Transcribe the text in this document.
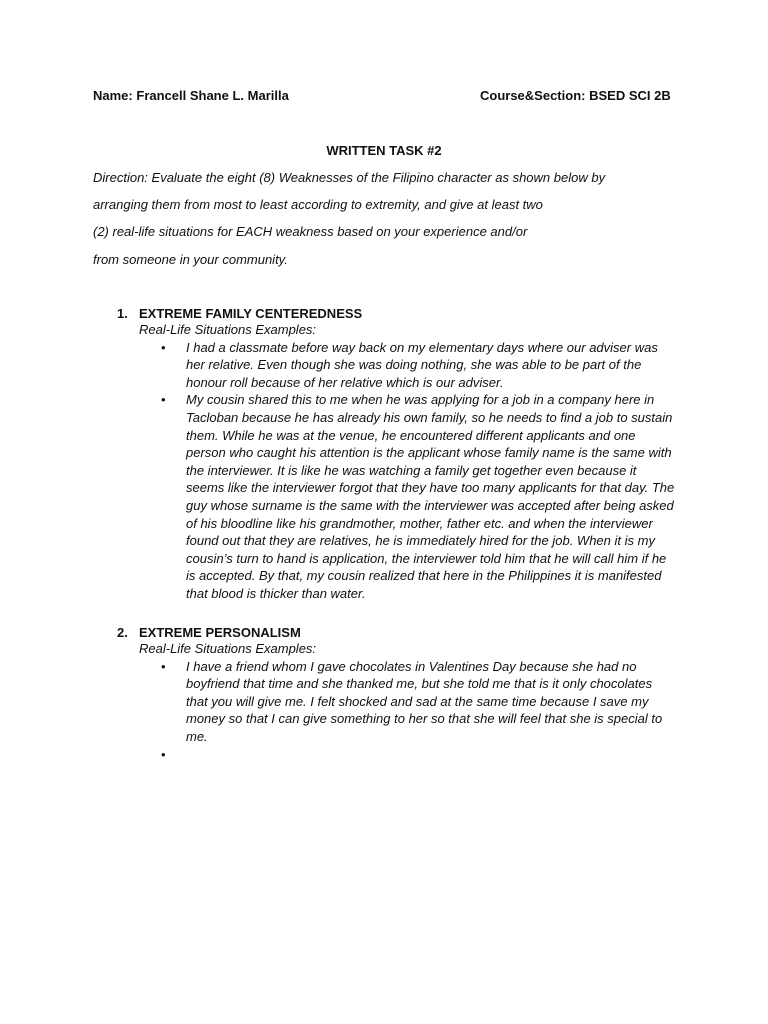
Name: Francell Shane L. Marilla	Course&Section: BSED SCI 2B
WRITTEN TASK #2
Direction: Evaluate the eight (8) Weaknesses of the Filipino character as shown below by
arranging them from most to least according to extremity, and give at least two
(2) real-life situations for EACH weakness based on your experience and/or
from someone in your community.
1. EXTREME FAMILY CENTEREDNESS
Real-Life Situations Examples:
• I had a classmate before way back on my elementary days where our adviser was her relative. Even though she was doing nothing, she was able to be part of the honour roll because of her relative which is our adviser.
• My cousin shared this to me when he was applying for a job in a company here in Tacloban because he has already his own family, so he needs to find a job to sustain them. While he was at the venue, he encountered different applicants and one person who caught his attention is the applicant whose family name is the same with the interviewer. It is like he was watching a family get together even because it seems like the interviewer forgot that they have too many applicants for that day. The guy whose surname is the same with the interviewer was accepted after being asked of his bloodline like his grandmother, mother, father etc. and when the interviewer found out that they are relatives, he is immediately hired for the job. When it is my cousin’s turn to hand is application, the interviewer told him that he will call him if he is accepted. By that, my cousin realized that here in the Philippines it is manifested that blood is thicker than water.
2. EXTREME PERSONALISM
Real-Life Situations Examples:
• I have a friend whom I gave chocolates in Valentines Day because she had no boyfriend that time and she thanked me, but she told me that is it only chocolates that you will give me. I felt shocked and sad at the same time because I save my money so that I can give something to her so that she will feel that she is special to me.
•
